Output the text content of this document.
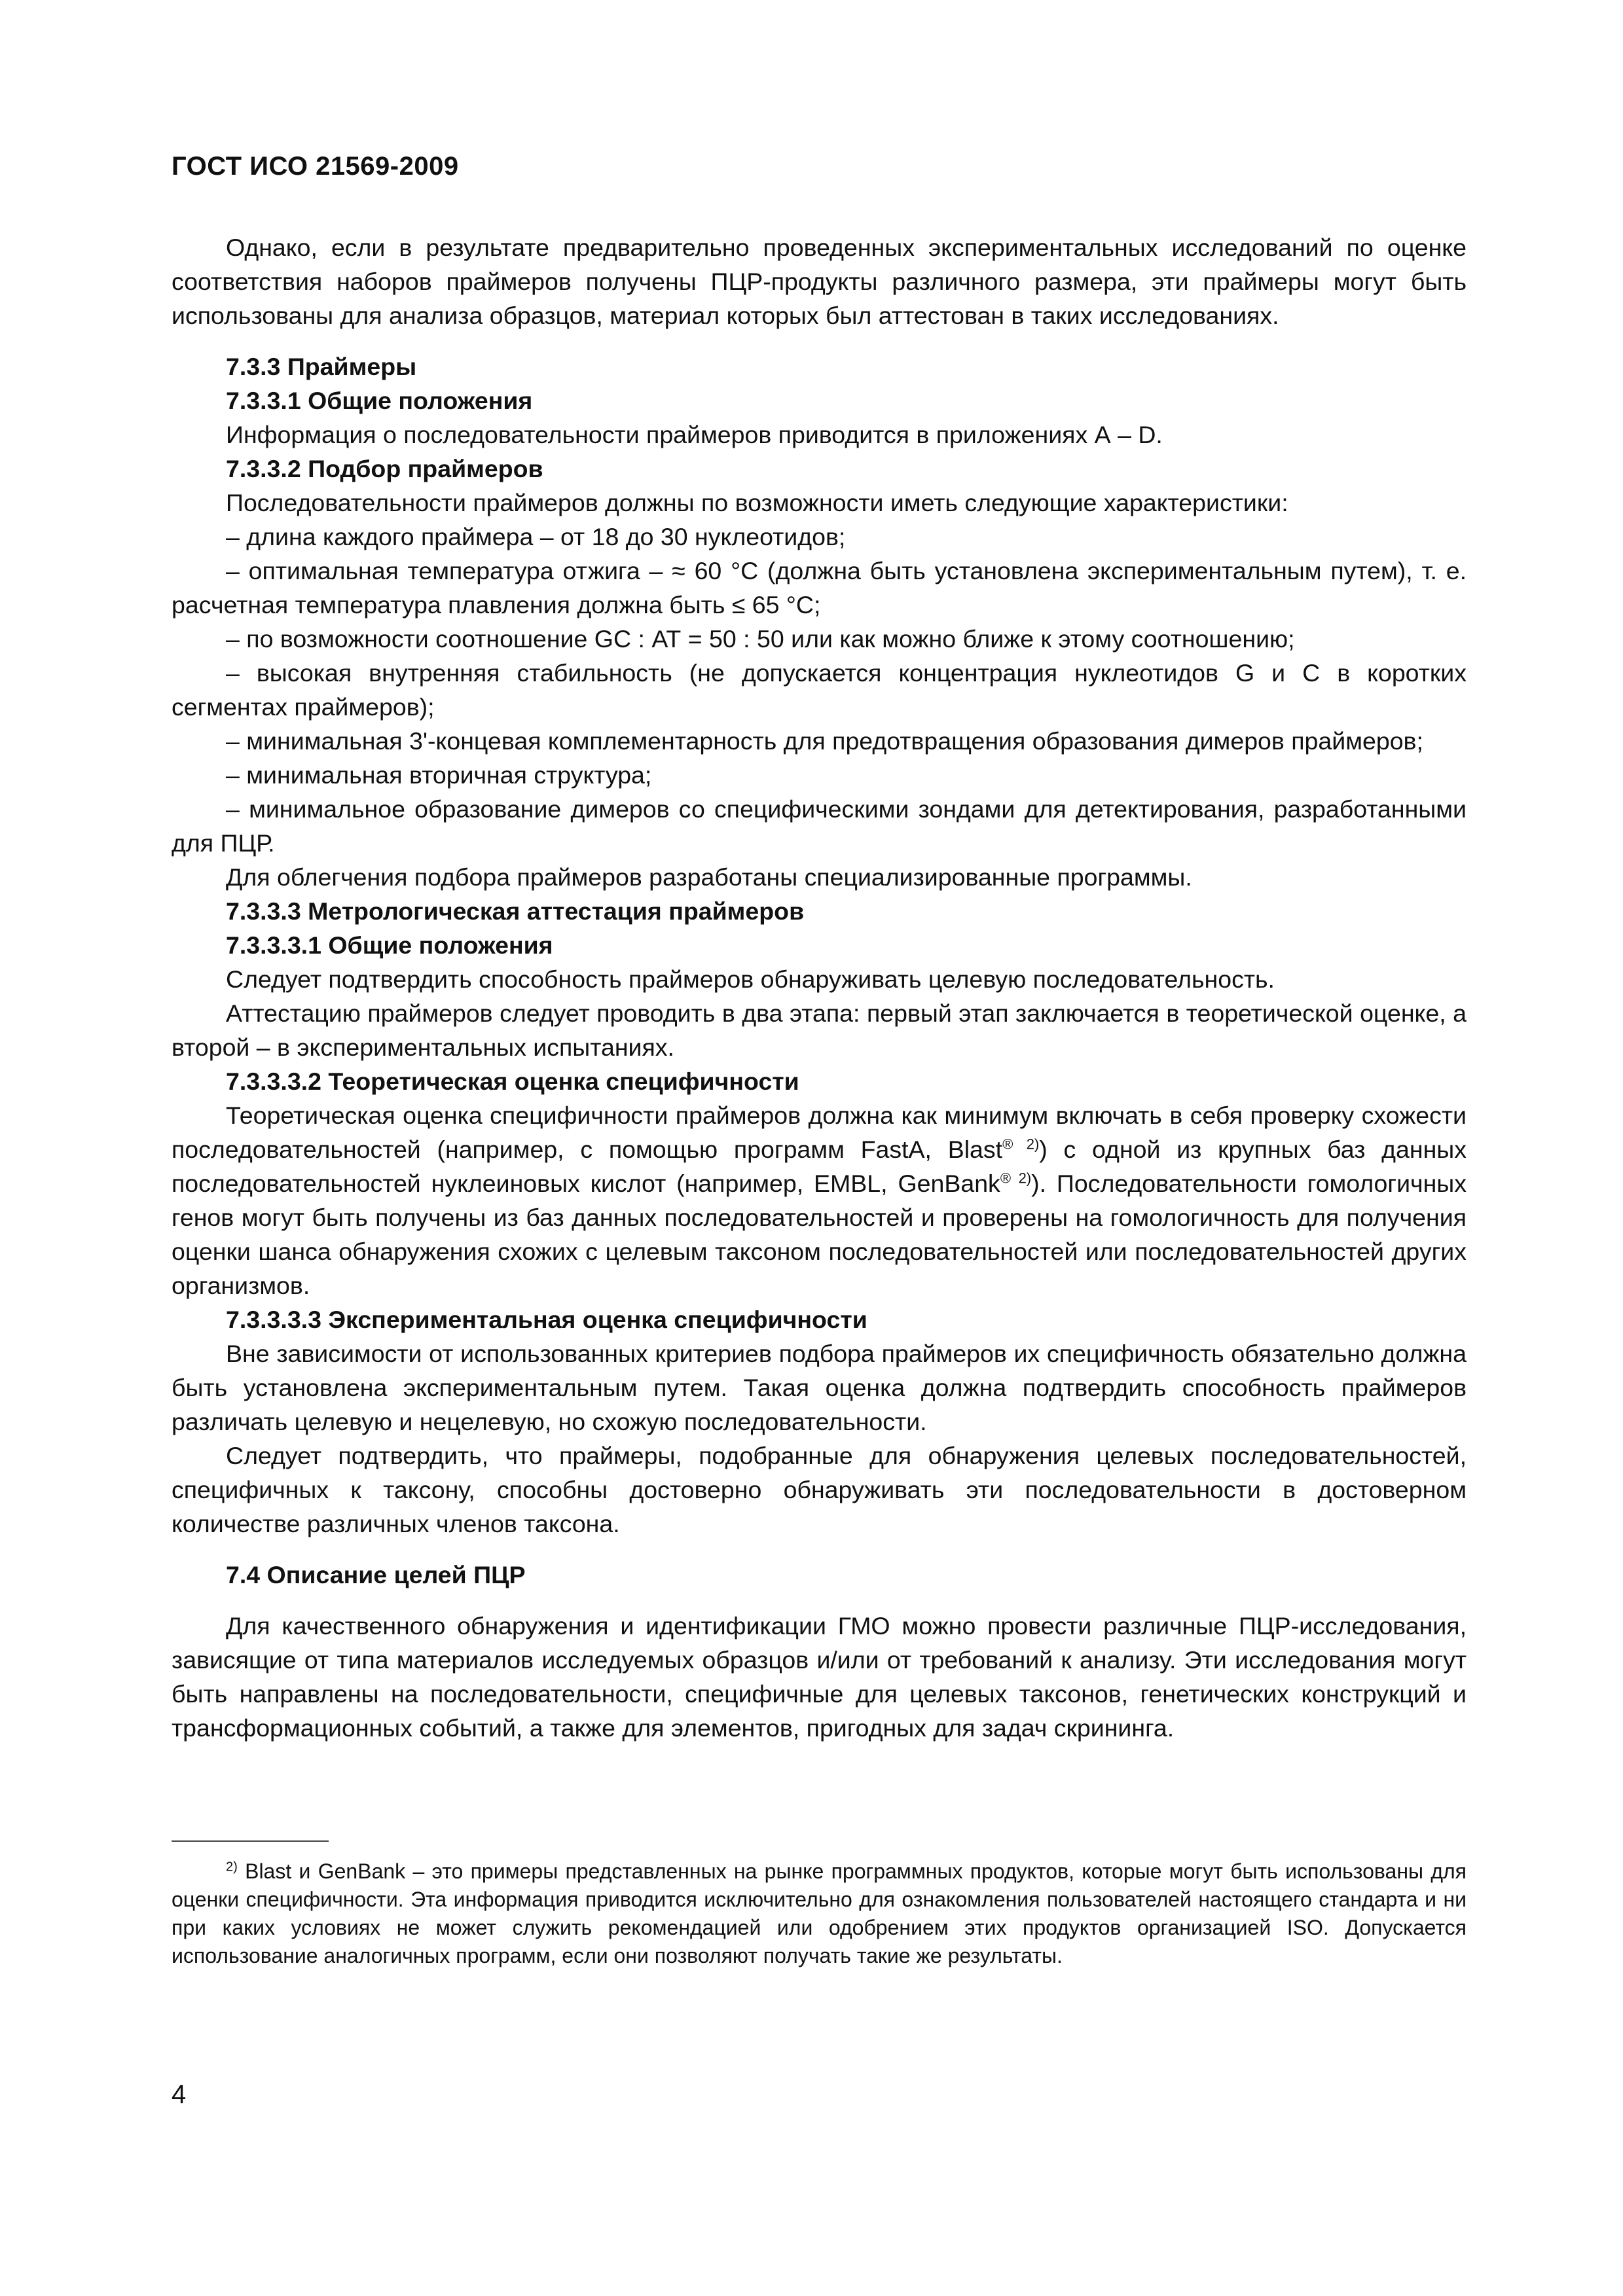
ГОСТ ИСО 21569-2009

Однако, если в результате предварительно проведенных экспериментальных исследований по оценке соответствия наборов праймеров получены ПЦР-продукты различного размера, эти праймеры могут быть использованы для анализа образцов, материал которых был аттестован в таких исследованиях.

7.3.3 Праймеры

7.3.3.1 Общие положения

Информация о последовательности праймеров приводится в приложениях А – D.

7.3.3.2 Подбор праймеров

Последовательности праймеров должны по возможности иметь следующие характеристики:

– длина каждого праймера – от 18 до 30 нуклеотидов;

– оптимальная температура отжига – ≈ 60 °С (должна быть установлена экспериментальным путем), т. е. расчетная температура плавления должна быть ≤ 65 °С;

– по возможности соотношение GC : АТ = 50 : 50 или как можно ближе к этому соотношению;

– высокая внутренняя стабильность (не допускается концентрация нуклеотидов G и С в коротких сегментах праймеров);

– минимальная 3'-концевая комплементарность для предотвращения образования димеров праймеров;

– минимальная вторичная структура;

– минимальное образование димеров со специфическими зондами для детектирования, разработанными для ПЦР.

Для облегчения подбора праймеров разработаны специализированные программы.

7.3.3.3 Метрологическая аттестация праймеров

7.3.3.3.1 Общие положения

Следует подтвердить способность праймеров обнаруживать целевую последовательность.

Аттестацию праймеров следует проводить в два этапа: первый этап заключается в теоретической оценке, а второй – в экспериментальных испытаниях.

7.3.3.3.2 Теоретическая оценка специфичности

Теоретическая оценка специфичности праймеров должна как минимум включать в себя проверку схожести последовательностей (например, с помощью программ FastA, Blast$^{® 2)}$) с одной из крупных баз данных последовательностей нуклеиновых кислот (например, EMBL, GenBank$^{® 2)}$). Последовательности гомологичных генов могут быть получены из баз данных последовательностей и проверены на гомологичность для получения оценки шанса обнаружения схожих с целевым таксоном последовательностей или последовательностей других организмов.

7.3.3.3.3 Экспериментальная оценка специфичности

Вне зависимости от использованных критериев подбора праймеров их специфичность обязательно должна быть установлена экспериментальным путем. Такая оценка должна подтвердить способность праймеров различать целевую и нецелевую, но схожую последовательности.

Следует подтвердить, что праймеры, подобранные для обнаружения целевых последовательностей, специфичных к таксону, способны достоверно обнаруживать эти последовательности в достоверном количестве различных членов таксона.

7.4 Описание целей ПЦР

Для качественного обнаружения и идентификации ГМО можно провести различные ПЦР-исследования, зависящие от типа материалов исследуемых образцов и/или от требований к анализу. Эти исследования могут быть направлены на последовательности, специфичные для целевых таксонов, генетических конструкций и трансформационных событий, а также для элементов, пригодных для задач скрининга.

$^{2)}$ Blast и GenBank – это примеры представленных на рынке программных продуктов, которые могут быть использованы для оценки специфичности. Эта информация приводится исключительно для ознакомления пользователей настоящего стандарта и ни при каких условиях не может служить рекомендацией или одобрением этих продуктов организацией ISO. Допускается использование аналогичных программ, если они позволяют получать такие же результаты.

4
